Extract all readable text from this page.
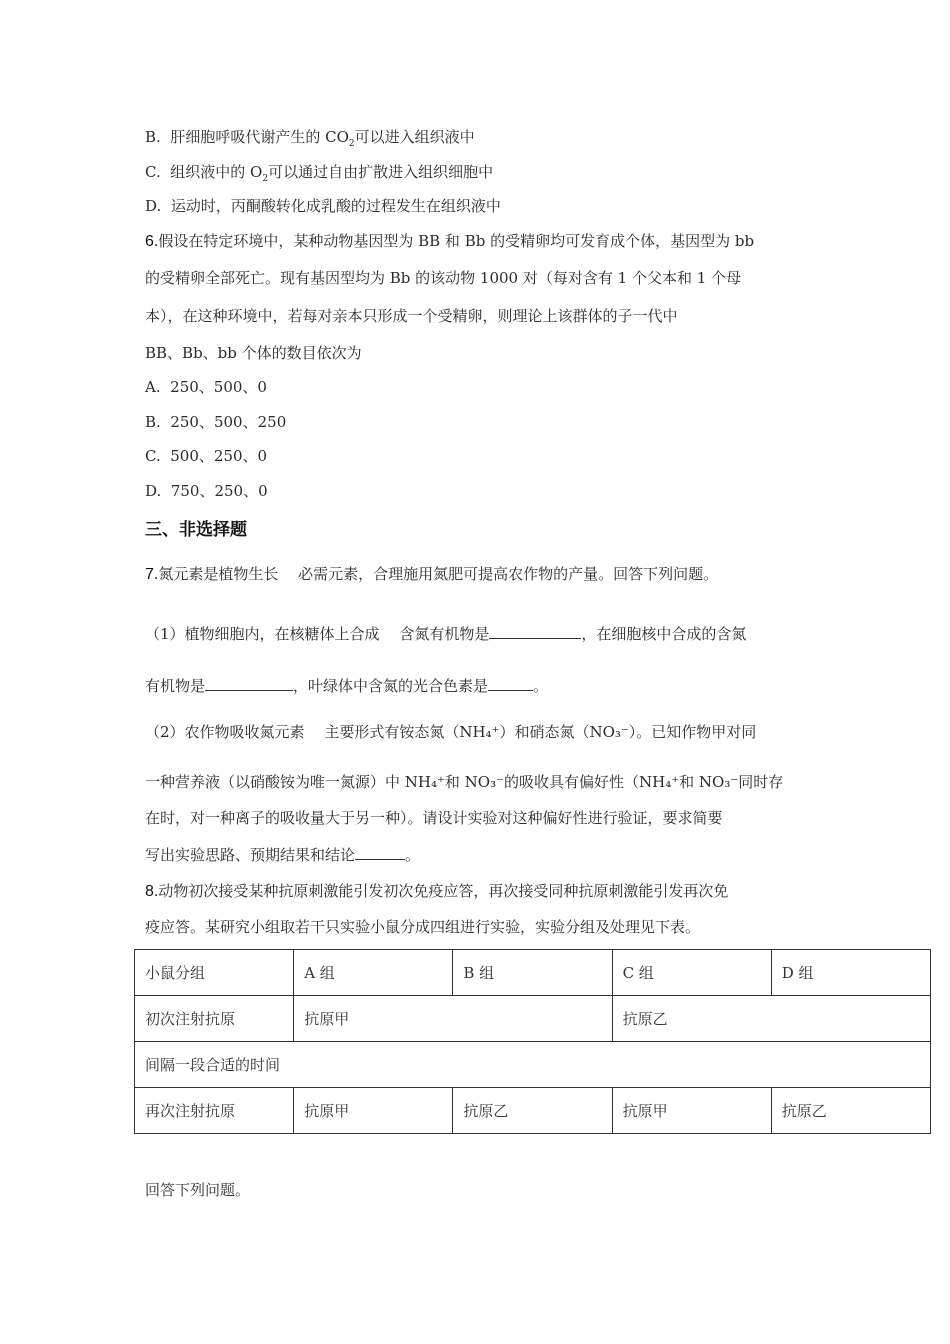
B. 肝细胞呼吸代谢产生的 $CO_2$可以进入组织液中
C. 组织液中的 $O_2$可以通过自由扩散进入组织细胞中
D. 运动时，丙酮酸转化成乳酸的过程发生在组织液中
6.假设在特定环境中，某种动物基因型为 BB 和 Bb 的受精卵均可发育成个体，基因型为 bb
的受精卵全部死亡。现有基因型均为 Bb 的该动物 1000 对（每对含有 1 个父本和 1 个母
本），在这种环境中，若每对亲本只形成一个受精卵，则理论上该群体的子一代中
BB、Bb、bb 个体的数目依次为
A. 250、500、0
B. 250、500、250
C. 500、250、0
D. 750、250、0
三、非选择题
7.氮元素是植物生长　 必需元素，合理施用氮肥可提高农作物的产量。回答下列问题。
（1）植物细胞内，在核糖体上合成　 含氮有机物是	，在细胞核中合成的含氮
有机物是	，叶绿体中含氮的光合色素是	。
（2）农作物吸收氮元素　 主要形式有铵态氮（NH₄⁺）和硝态氮（NO₃⁻）。已知作物甲对同
一种营养液（以硝酸铵为唯一氮源）中 NH₄⁺和 NO₃⁻的吸收具有偏好性（NH₄⁺和 NO₃⁻同时存
在时，对一种离子的吸收量大于另一种）。请设计实验对这种偏好性进行验证，要求简要
写出实验思路、预期结果和结论	。
8.动物初次接受某种抗原刺激能引发初次免疫应答，再次接受同种抗原刺激能引发再次免
疫应答。某研究小组取若干只实验小鼠分成四组进行实验，实验分组及处理见下表。
小鼠分组	A 组	B 组	C 组	D 组
初次注射抗原	抗原甲		抗原乙	
间隔一段合适的时间				
再次注射抗原	抗原甲	抗原乙	抗原甲	抗原乙
回答下列问题。
